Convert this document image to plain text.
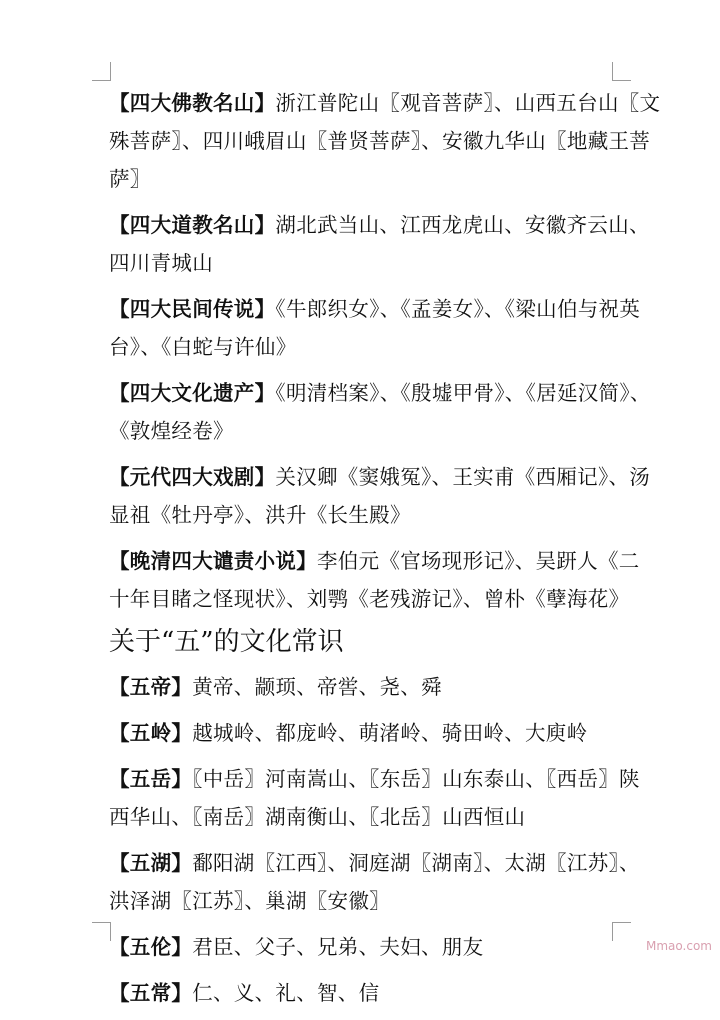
【四大佛教名山】浙江普陀山〖观音菩萨〗、山西五台山〖文
殊菩萨〗、四川峨眉山〖普贤菩萨〗、安徽九华山〖地藏王菩
萨〗
【四大道教名山】湖北武当山、江西龙虎山、安徽齐云山、
四川青城山
【四大民间传说】《牛郎织女》、《孟姜女》、《梁山伯与祝英
台》、《白蛇与许仙》
【四大文化遗产】《明清档案》、《殷墟甲骨》、《居延汉简》、
《敦煌经卷》
【元代四大戏剧】关汉卿《窦娥冤》、王实甫《西厢记》、汤
显祖《牡丹亭》、洪升《长生殿》
【晚清四大谴责小说】李伯元《官场现形记》、吴趼人《二
十年目睹之怪现状》、刘鹗《老残游记》、曾朴《孽海花》
关于“五”的文化常识
【五帝】黄帝、颛顼、帝喾、尧、舜
【五岭】越城岭、都庞岭、萌渚岭、骑田岭、大庾岭
【五岳】〖中岳〗河南嵩山、〖东岳〗山东泰山、〖西岳〗陕
西华山、〖南岳〗湖南衡山、〖北岳〗山西恒山
【五湖】鄱阳湖〖江西〗、洞庭湖〖湖南〗、太湖〖江苏〗、
洪泽湖〖江苏〗、巢湖〖安徽〗
【五伦】君臣、父子、兄弟、夫妇、朋友
【五常】仁、义、礼、智、信
Mmao.com
